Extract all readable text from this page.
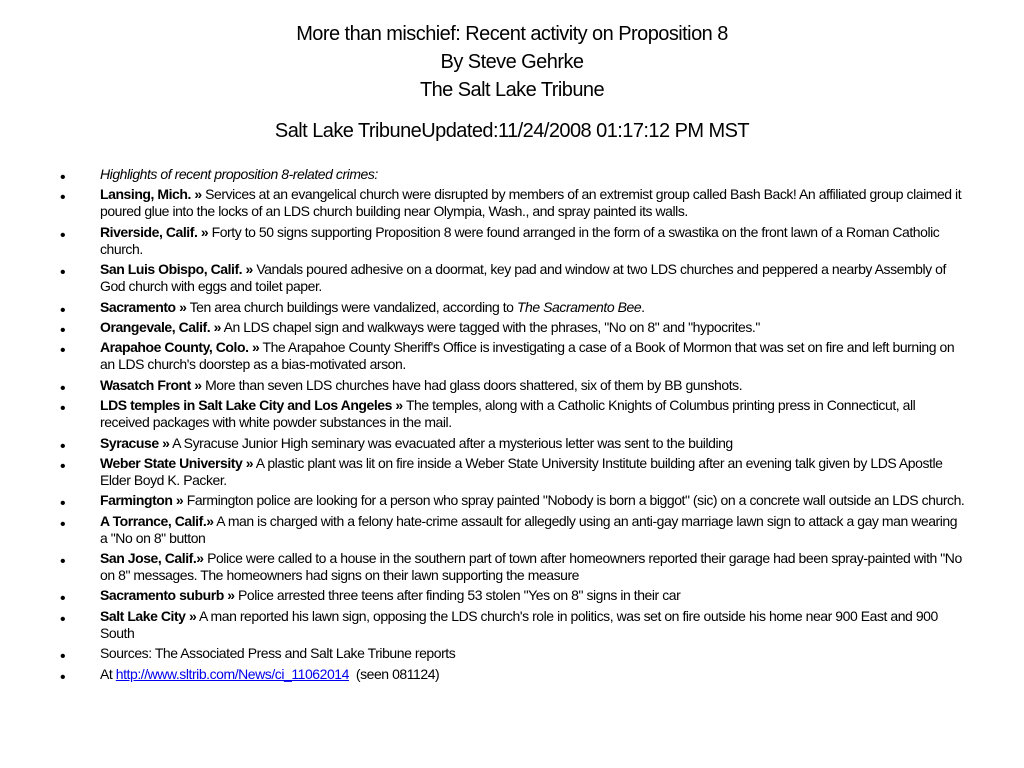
More than mischief: Recent activity on Proposition 8
By Steve Gehrke
The Salt Lake Tribune
Salt Lake TribuneUpdated:11/24/2008 01:17:12 PM MST
• Highlights of recent proposition 8-related crimes:
• Lansing, Mich. » Services at an evangelical church were disrupted by members of an extremist group called Bash Back! An affiliated group claimed it poured glue into the locks of an LDS church building near Olympia, Wash., and spray painted its walls.
• Riverside, Calif. » Forty to 50 signs supporting Proposition 8 were found arranged in the form of a swastika on the front lawn of a Roman Catholic church.
• San Luis Obispo, Calif. » Vandals poured adhesive on a doormat, key pad and window at two LDS churches and peppered a nearby Assembly of God church with eggs and toilet paper.
• Sacramento » Ten area church buildings were vandalized, according to The Sacramento Bee.
• Orangevale, Calif. » An LDS chapel sign and walkways were tagged with the phrases, "No on 8" and "hypocrites."
• Arapahoe County, Colo. » The Arapahoe County Sheriff's Office is investigating a case of a Book of Mormon that was set on fire and left burning on an LDS church's doorstep as a bias-motivated arson.
• Wasatch Front » More than seven LDS churches have had glass doors shattered, six of them by BB gunshots.
• LDS temples in Salt Lake City and Los Angeles » The temples, along with a Catholic Knights of Columbus printing press in Connecticut, all received packages with white powder substances in the mail.
• Syracuse » A Syracuse Junior High seminary was evacuated after a mysterious letter was sent to the building
• Weber State University » A plastic plant was lit on fire inside a Weber State University Institute building after an evening talk given by LDS Apostle Elder Boyd K. Packer.
• Farmington » Farmington police are looking for a person who spray painted "Nobody is born a biggot" (sic) on a concrete wall outside an LDS church.
• A Torrance, Calif.» A man is charged with a felony hate-crime assault for allegedly using an anti-gay marriage lawn sign to attack a gay man wearing a "No on 8" button
• San Jose, Calif.» Police were called to a house in the southern part of town after homeowners reported their garage had been spray-painted with "No on 8" messages. The homeowners had signs on their lawn supporting the measure
• Sacramento suburb » Police arrested three teens after finding 53 stolen "Yes on 8" signs in their car
• Salt Lake City » A man reported his lawn sign, opposing the LDS church's role in politics, was set on fire outside his home near 900 East and 900 South
• Sources: The Associated Press and Salt Lake Tribune reports
• At http://www.sltrib.com/News/ci_11062014  (seen 081124)
